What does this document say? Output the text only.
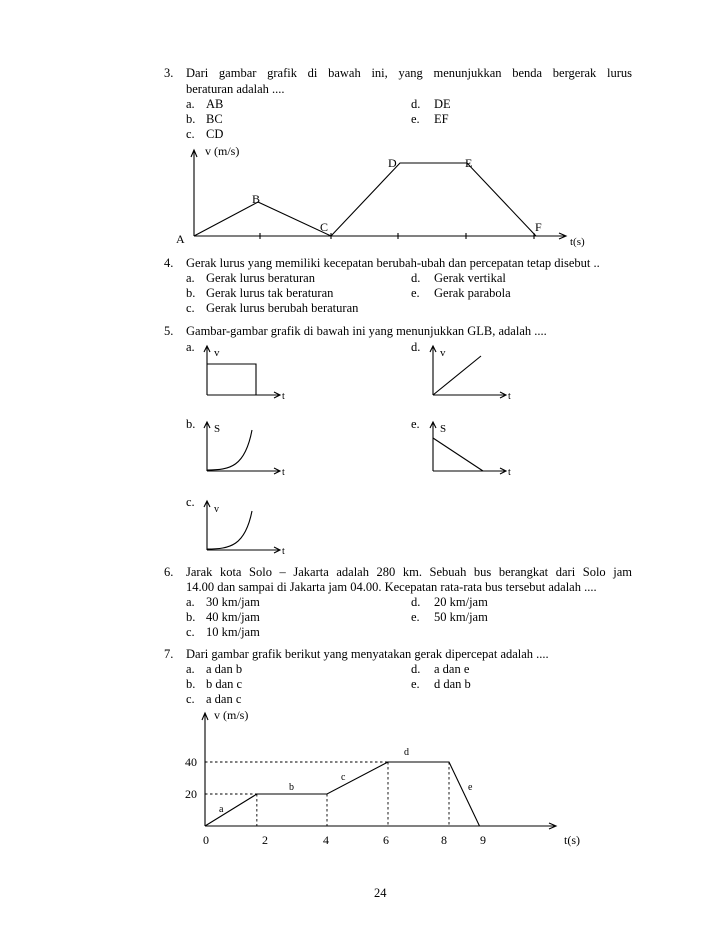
3. Dari gambar grafik di bawah ini, yang menunjukkan benda bergerak lurus
beraturan adalah ....
a. AB
b. BC
c. CD
d. DE
e. EF
v (m/s)
t(s)
A
B
C
D	E
F
4. Gerak lurus yang memiliki kecepatan berubah-ubah dan percepatan tetap disebut ..
a. Gerak lurus beraturan
b. Gerak lurus tak beraturan
c. Gerak lurus berubah beraturan
d. Gerak vertikal
e. Gerak parabola
5. Gambar-gambar grafik di bawah ini yang menunjukkan GLB, adalah ....
a.
b.
c.
d.
e.
v
t
S
t
v
t
v
t
S
t
6. Jarak kota Solo – Jakarta adalah 280 km. Sebuah bus berangkat dari Solo jam
14.00 dan sampai di Jakarta jam 04.00. Kecepatan rata-rata bus tersebut adalah ....
a. 30 km/jam
b. 40 km/jam
c. 10 km/jam
d. 20 km/jam
e. 50 km/jam
7. Dari gambar grafik berikut yang menyatakan gerak dipercepat adalah ....
a. a dan b
b. b dan c
c. a dan c
d. a dan e
e. d dan b
v (m/s)
t(s)
40
20
0	2	4	6	8	9
a
b
c
d
e
24
